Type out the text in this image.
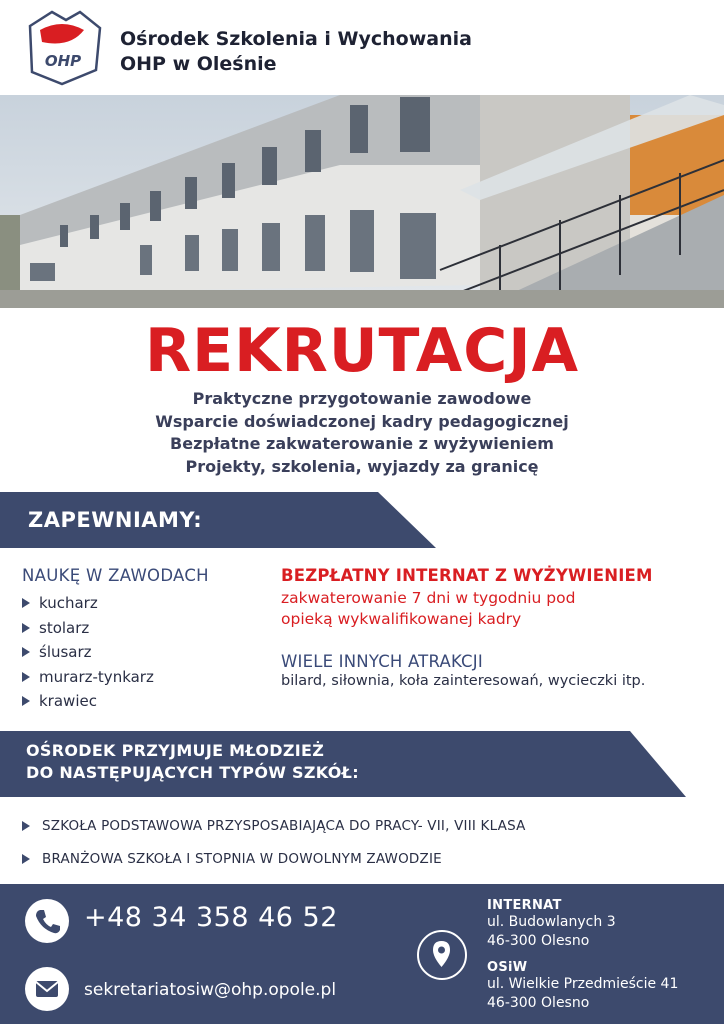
OHP
Ośrodek Szkolenia i Wychowania
OHP w Oleśnie
REKRUTACJA
Praktyczne przygotowanie zawodowe
Wsparcie doświadczonej kadry pedagogicznej
Bezpłatne zakwaterowanie z wyżywieniem
Projekty, szkolenia, wyjazdy za granicę
ZAPEWNIAMY:
NAUKĘ W ZAWODACH
kucharz
stolarz
ślusarz
murarz-tynkarz
krawiec
BEZPŁATNY INTERNAT Z WYŻYWIENIEM
zakwaterowanie 7 dni w tygodniu pod
opieką wykwalifikowanej kadry
WIELE INNYCH ATRAKCJI
bilard, siłownia, koła zainteresowań, wycieczki itp.
OŚRODEK PRZYJMUJE MŁODZIEŻ
DO NASTĘPUJĄCYCH TYPÓW SZKÓŁ:
SZKOŁA PODSTAWOWA PRZYSPOSABIAJĄCA DO PRACY- VII, VIII KLASA
BRANŻOWA SZKOŁA I STOPNIA W DOWOLNYM ZAWODZIE
+48 34 358 46 52
sekretariatosiw@ohp.opole.pl
INTERNAT
ul. Budowlanych 3
46-300 Olesno
OSiW
ul. Wielkie Przedmieście 41
46-300 Olesno
